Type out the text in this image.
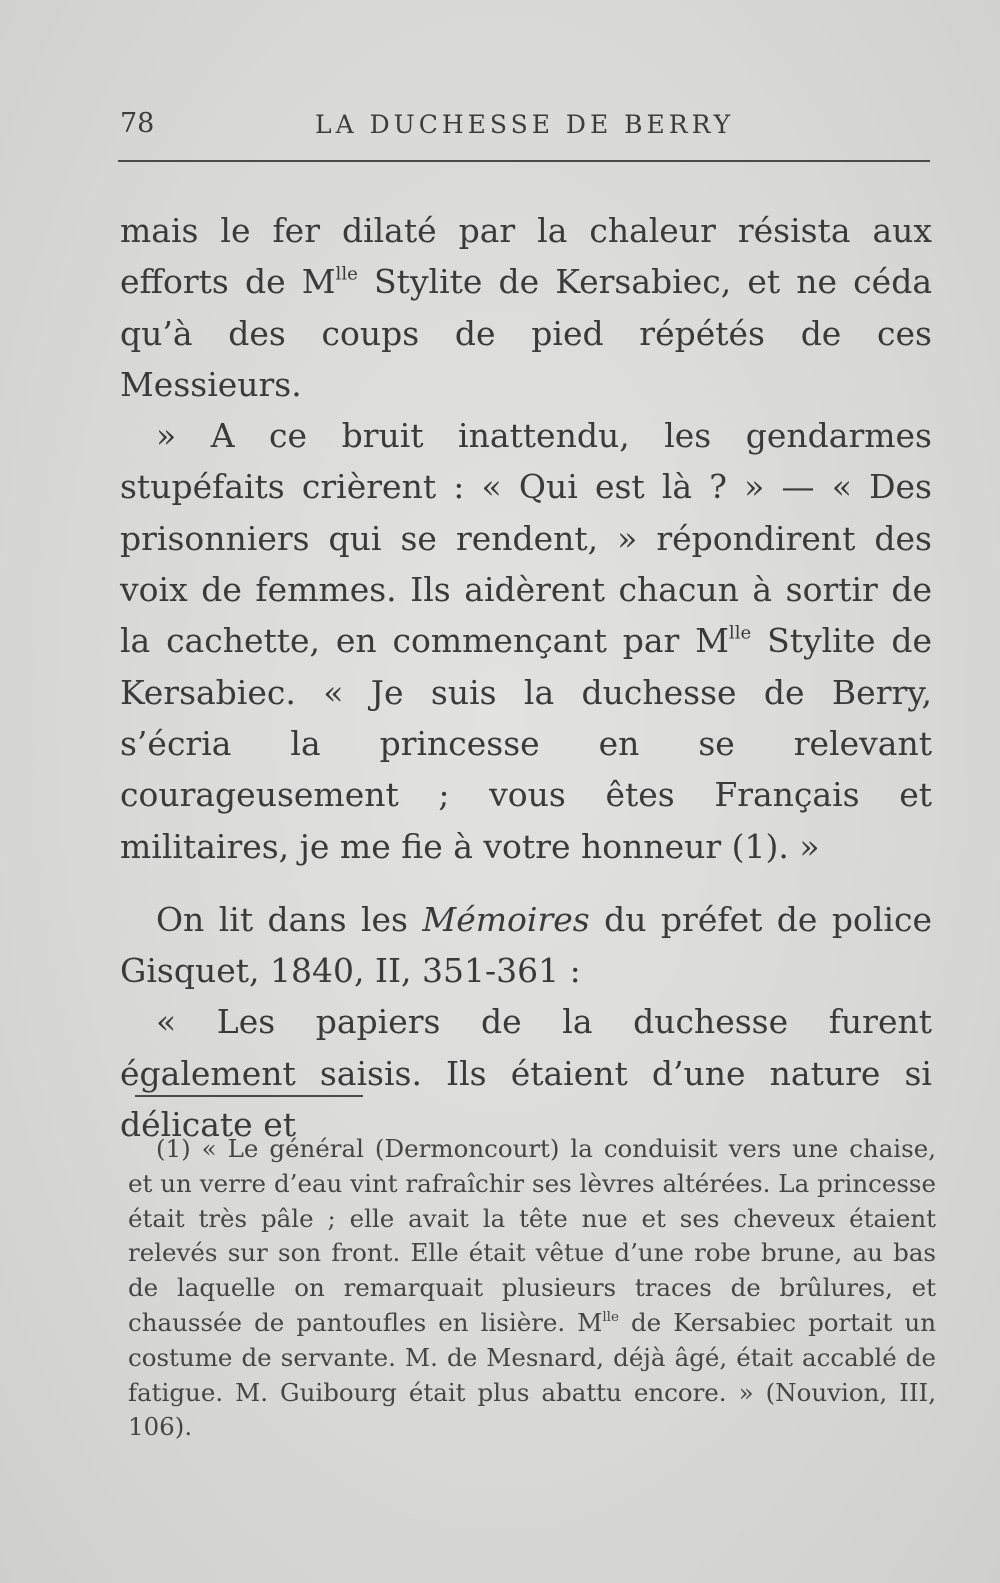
78	LA DUCHESSE DE BERRY

mais le fer dilaté par la chaleur résista aux efforts de $M^{lle}$ Stylite de Kersabiec, et ne céda qu’à des coups de pied répétés de ces Messieurs.

» A ce bruit inattendu, les gendarmes stupéfaits crièrent : « Qui est là ? » — « Des prisonniers qui se rendent, » répondirent des voix de femmes. Ils aidèrent chacun à sortir de la cachette, en commençant par $M^{lle}$ Stylite de Kersabiec. « Je suis la duchesse de Berry, s’écria la princesse en se relevant courageusement ; vous êtes Français et militaires, je me fie à votre honneur (1). »

On lit dans les Mémoires du préfet de police Gisquet, 1840, II, 351-361 :

« Les papiers de la duchesse furent également saisis. Ils étaient d’une nature si délicate et

(1) « Le général (Dermoncourt) la conduisit vers une chaise, et un verre d’eau vint rafraîchir ses lèvres altérées. La princesse était très pâle ; elle avait la tête nue et ses cheveux étaient relevés sur son front. Elle était vêtue d’une robe brune, au bas de laquelle on remarquait plusieurs traces de brûlures, et chaussée de pantoufles en lisière. $M^{lle}$ de Kersabiec portait un costume de servante. M. de Mesnard, déjà âgé, était accablé de fatigue. M. Guibourg était plus abattu encore. » (Nouvion, III, 106).
